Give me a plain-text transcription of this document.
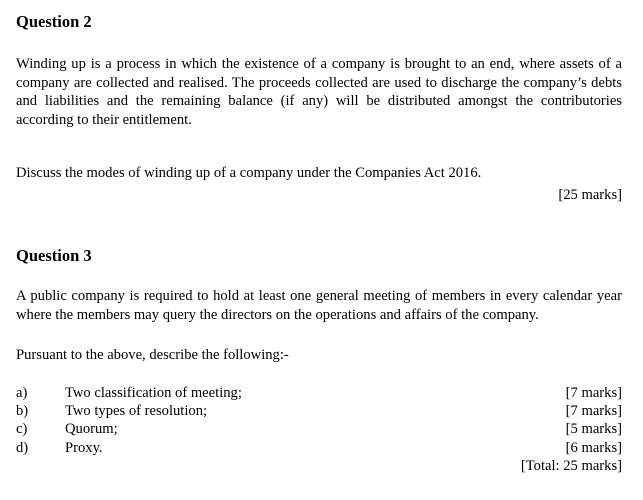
Question 2

Winding up is a process in which the existence of a company is brought to an end, where assets of a company are collected and realised. The proceeds collected are used to discharge the company’s debts and liabilities and the remaining balance (if any) will be distributed amongst the contributories according to their entitlement.

Discuss the modes of winding up of a company under the Companies Act 2016.

[25 marks]
Question 3

A public company is required to hold at least one general meeting of members in every calendar year where the members may query the directors on the operations and affairs of the company.

Pursuant to the above, describe the following:-

a)	Two classification of meeting;	[7 marks]
b)	Two types of resolution;	[7 marks]
c)	Quorum;	[5 marks]
d)	Proxy.	[6 marks]
[Total: 25 marks]
